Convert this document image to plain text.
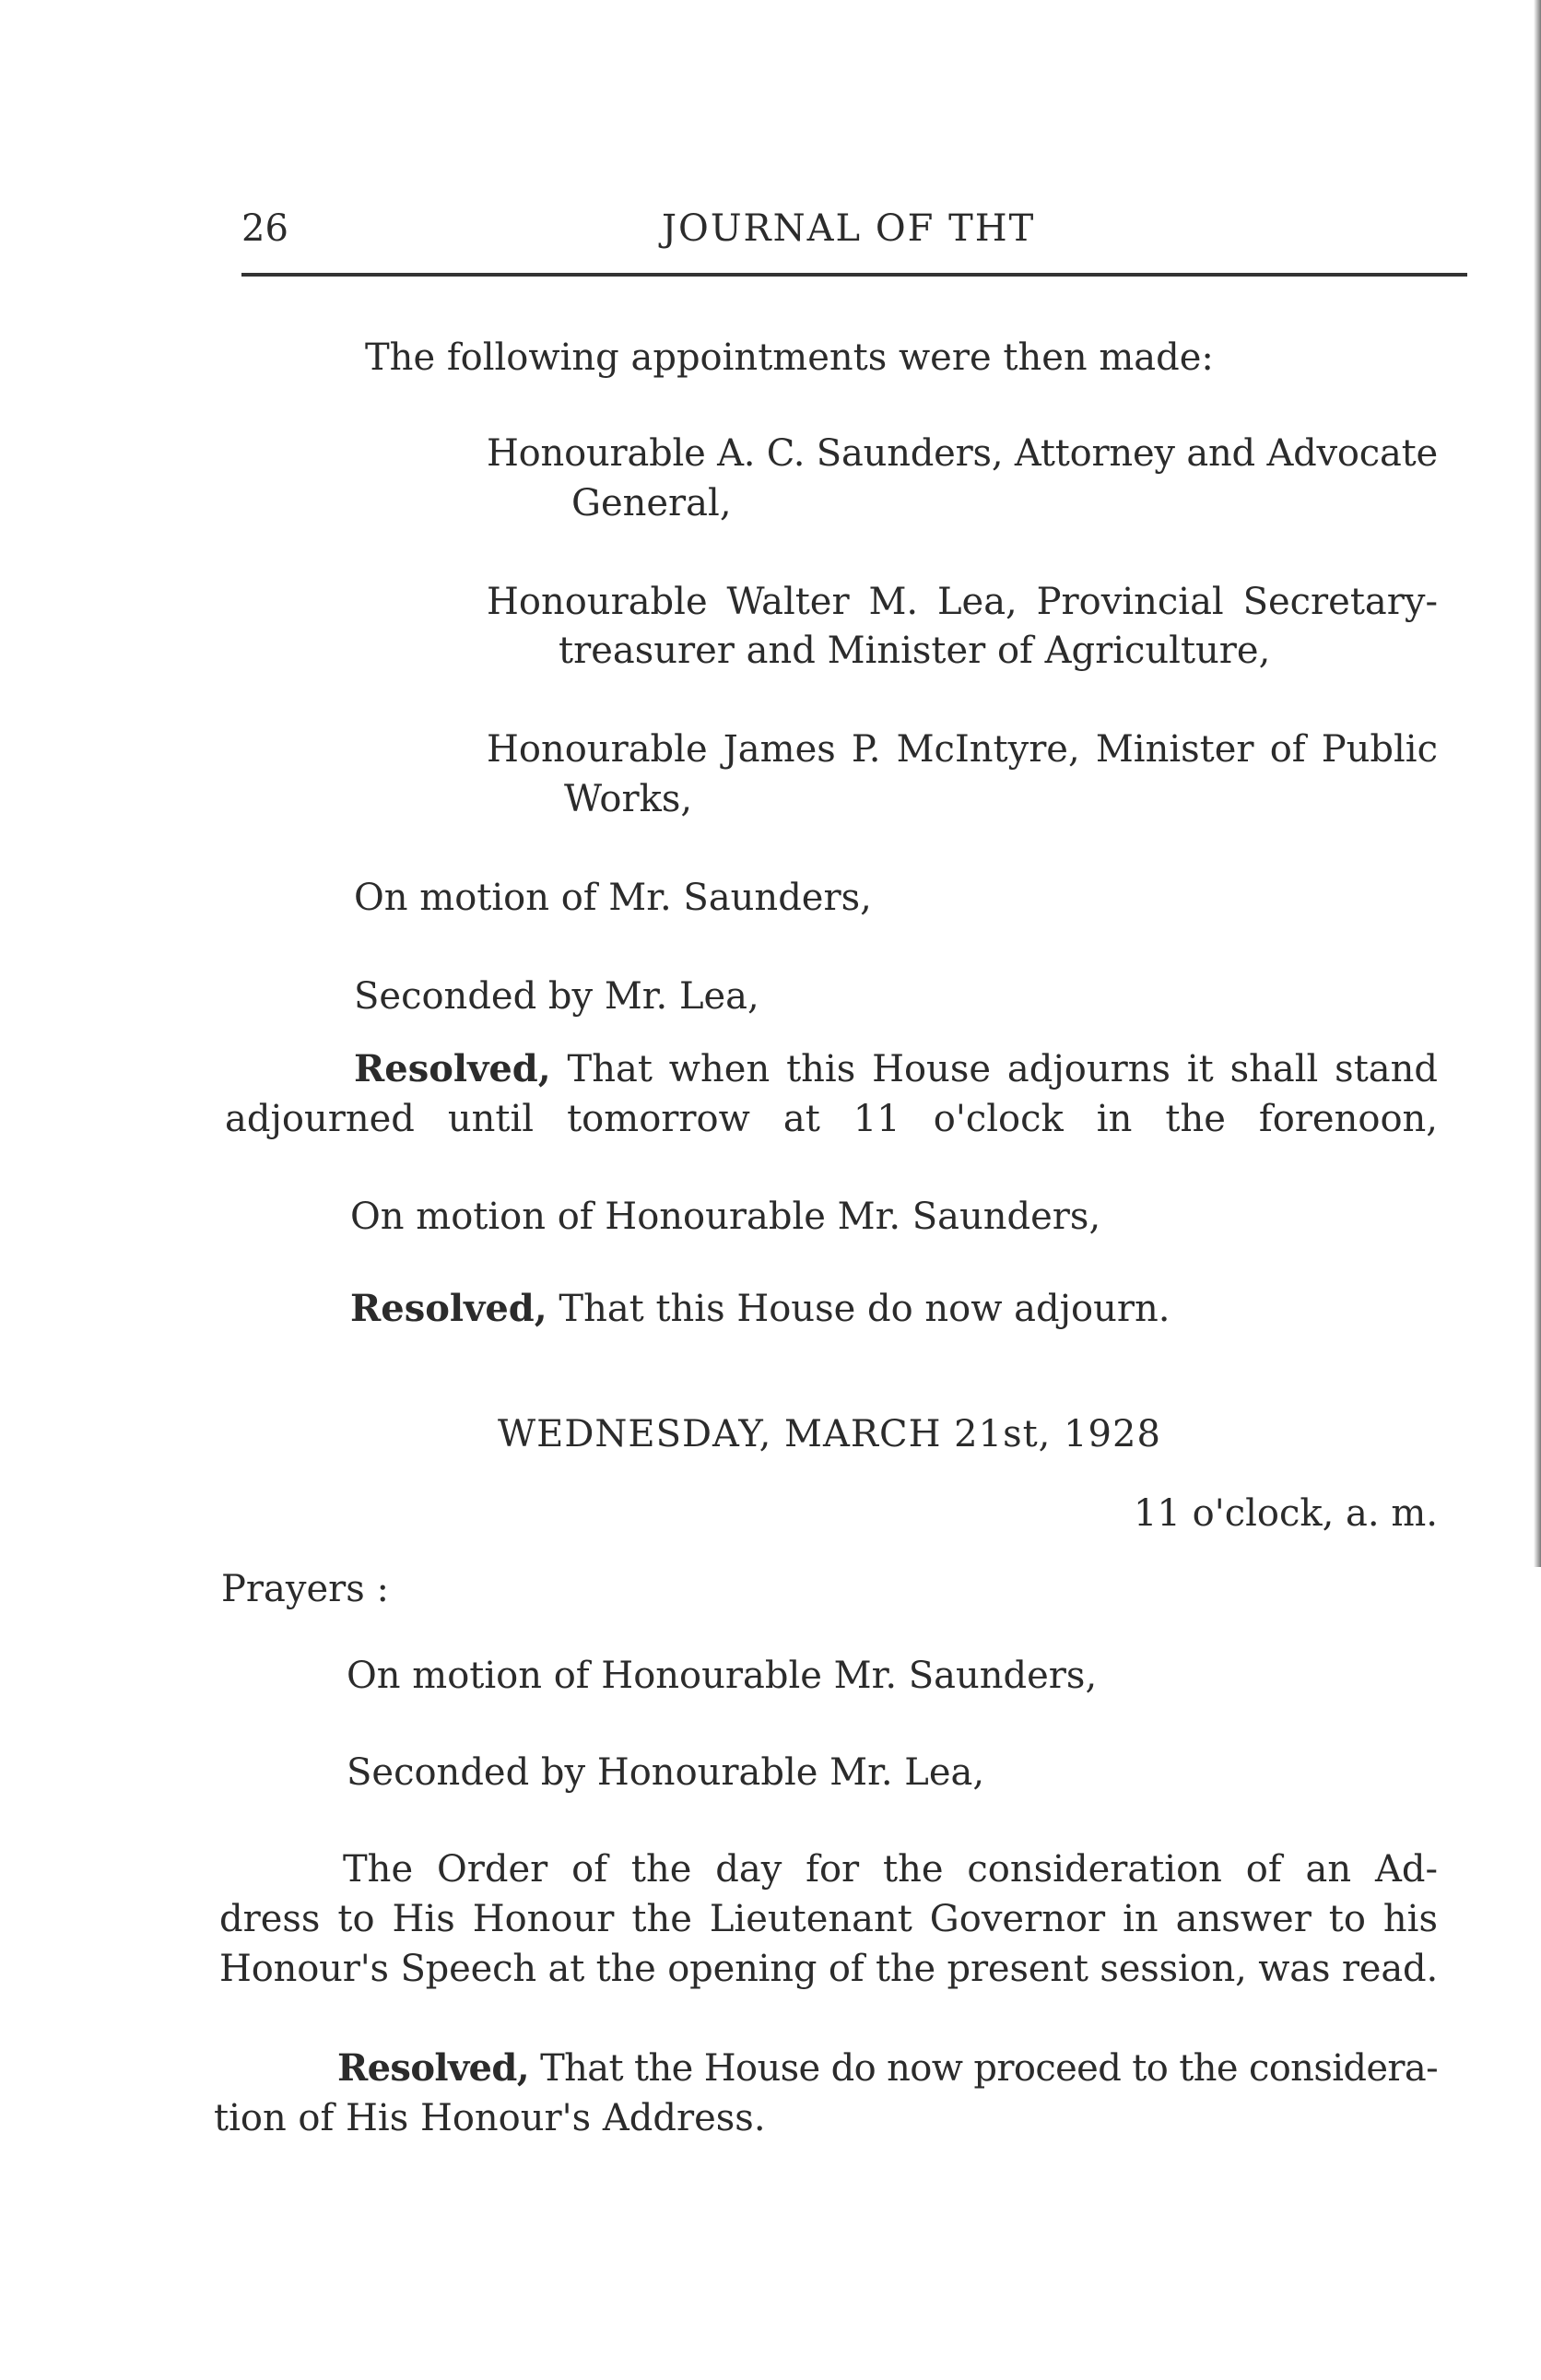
26	JOURNAL OF THT
The following appointments were then made:
Honourable A. C. Saunders, Attorney and Advocate
General,
Honourable Walter M. Lea, Provincial Secretary-
treasurer and Minister of Agriculture,
Honourable James P. McIntyre, Minister of Public
Works,
On motion of Mr. Saunders,
Seconded by Mr. Lea,
Resolved, That when this House adjourns it shall stand
adjourned until tomorrow at 11 o'clock in the forenoon,
On motion of Honourable Mr. Saunders,
Resolved, That this House do now adjourn.
WEDNESDAY, MARCH 21st, 1928
11 o'clock, a. m.
Prayers :
On motion of Honourable Mr. Saunders,
Seconded by Honourable Mr. Lea,
The Order of the day for the consideration of an Ad-
dress to His Honour the Lieutenant Governor in answer to his
Honour's Speech at the opening of the present session, was read.
Resolved, That the House do now proceed to the considera-
tion of His Honour's Address.
